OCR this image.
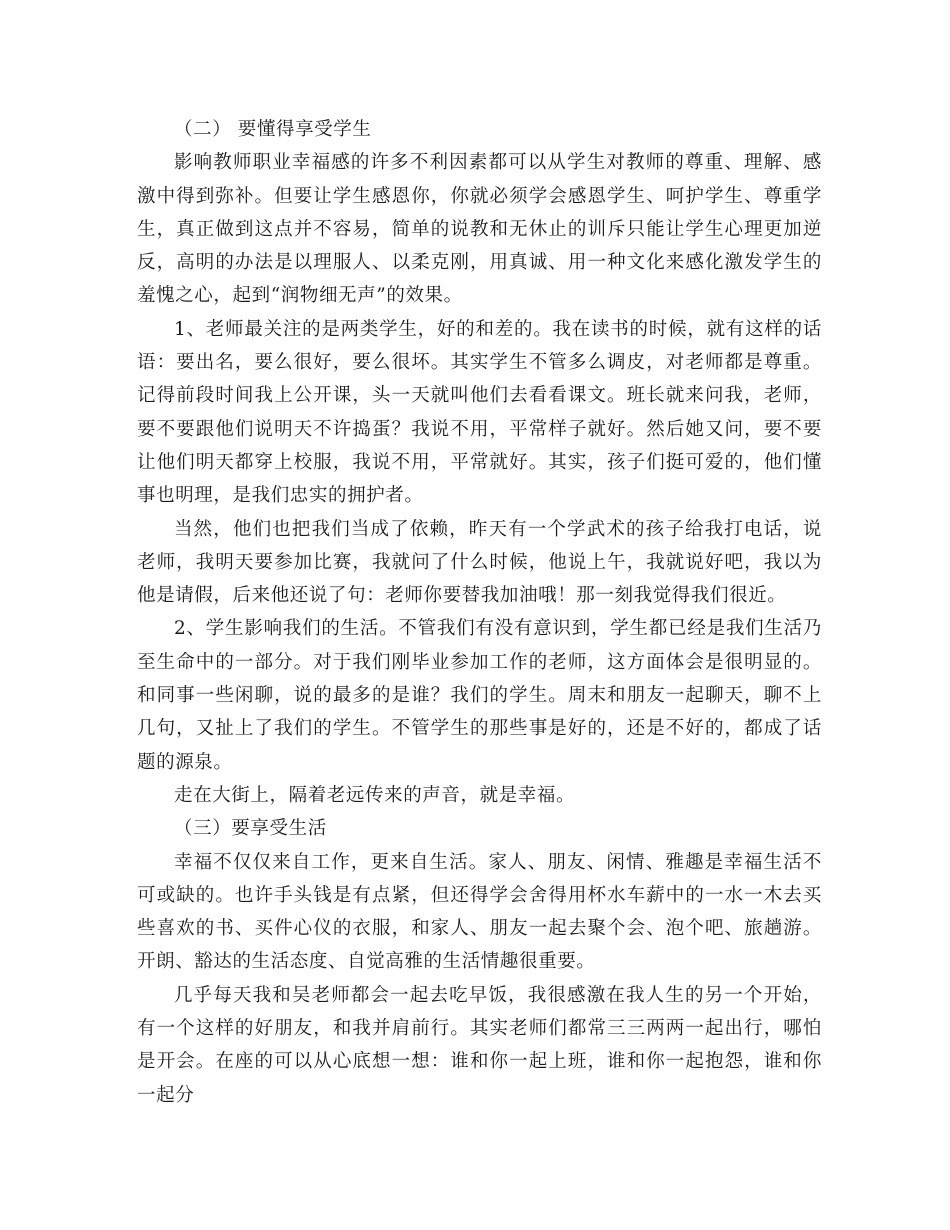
（二） 要懂得享受学生

影响教师职业幸福感的许多不利因素都可以从学生对教师的尊重、理解、感激中得到弥补。但要让学生感恩你，你就必须学会感恩学生、呵护学生、尊重学生，真正做到这点并不容易，简单的说教和无休止的训斥只能让学生心理更加逆反，高明的办法是以理服人、以柔克刚，用真诚、用一种文化来感化激发学生的羞愧之心，起到“润物细无声”的效果。

1、老师最关注的是两类学生，好的和差的。我在读书的时候，就有这样的话语：要出名，要么很好，要么很坏。其实学生不管多么调皮，对老师都是尊重。记得前段时间我上公开课，头一天就叫他们去看看课文。班长就来问我，老师，要不要跟他们说明天不许捣蛋？我说不用，平常样子就好。然后她又问，要不要让他们明天都穿上校服，我说不用，平常就好。其实，孩子们挺可爱的，他们懂事也明理，是我们忠实的拥护者。

当然，他们也把我们当成了依赖，昨天有一个学武术的孩子给我打电话，说老师，我明天要参加比赛，我就问了什么时候，他说上午，我就说好吧，我以为他是请假，后来他还说了句：老师你要替我加油哦！那一刻我觉得我们很近。

2、学生影响我们的生活。不管我们有没有意识到，学生都已经是我们生活乃至生命中的一部分。对于我们刚毕业参加工作的老师，这方面体会是很明显的。和同事一些闲聊，说的最多的是谁？我们的学生。周末和朋友一起聊天，聊不上几句，又扯上了我们的学生。不管学生的那些事是好的，还是不好的，都成了话题的源泉。

走在大街上，隔着老远传来的声音，就是幸福。

（三）要享受生活

幸福不仅仅来自工作，更来自生活。家人、朋友、闲情、雅趣是幸福生活不可或缺的。也许手头钱是有点紧，但还得学会舍得用杯水车薪中的一水一木去买些喜欢的书、买件心仪的衣服，和家人、朋友一起去聚个会、泡个吧、旅趟游。开朗、豁达的生活态度、自觉高雅的生活情趣很重要。

几乎每天我和吴老师都会一起去吃早饭，我很感激在我人生的另一个开始，有一个这样的好朋友，和我并肩前行。其实老师们都常三三两两一起出行，哪怕是开会。在座的可以从心底想一想：谁和你一起上班，谁和你一起抱怨，谁和你一起分
